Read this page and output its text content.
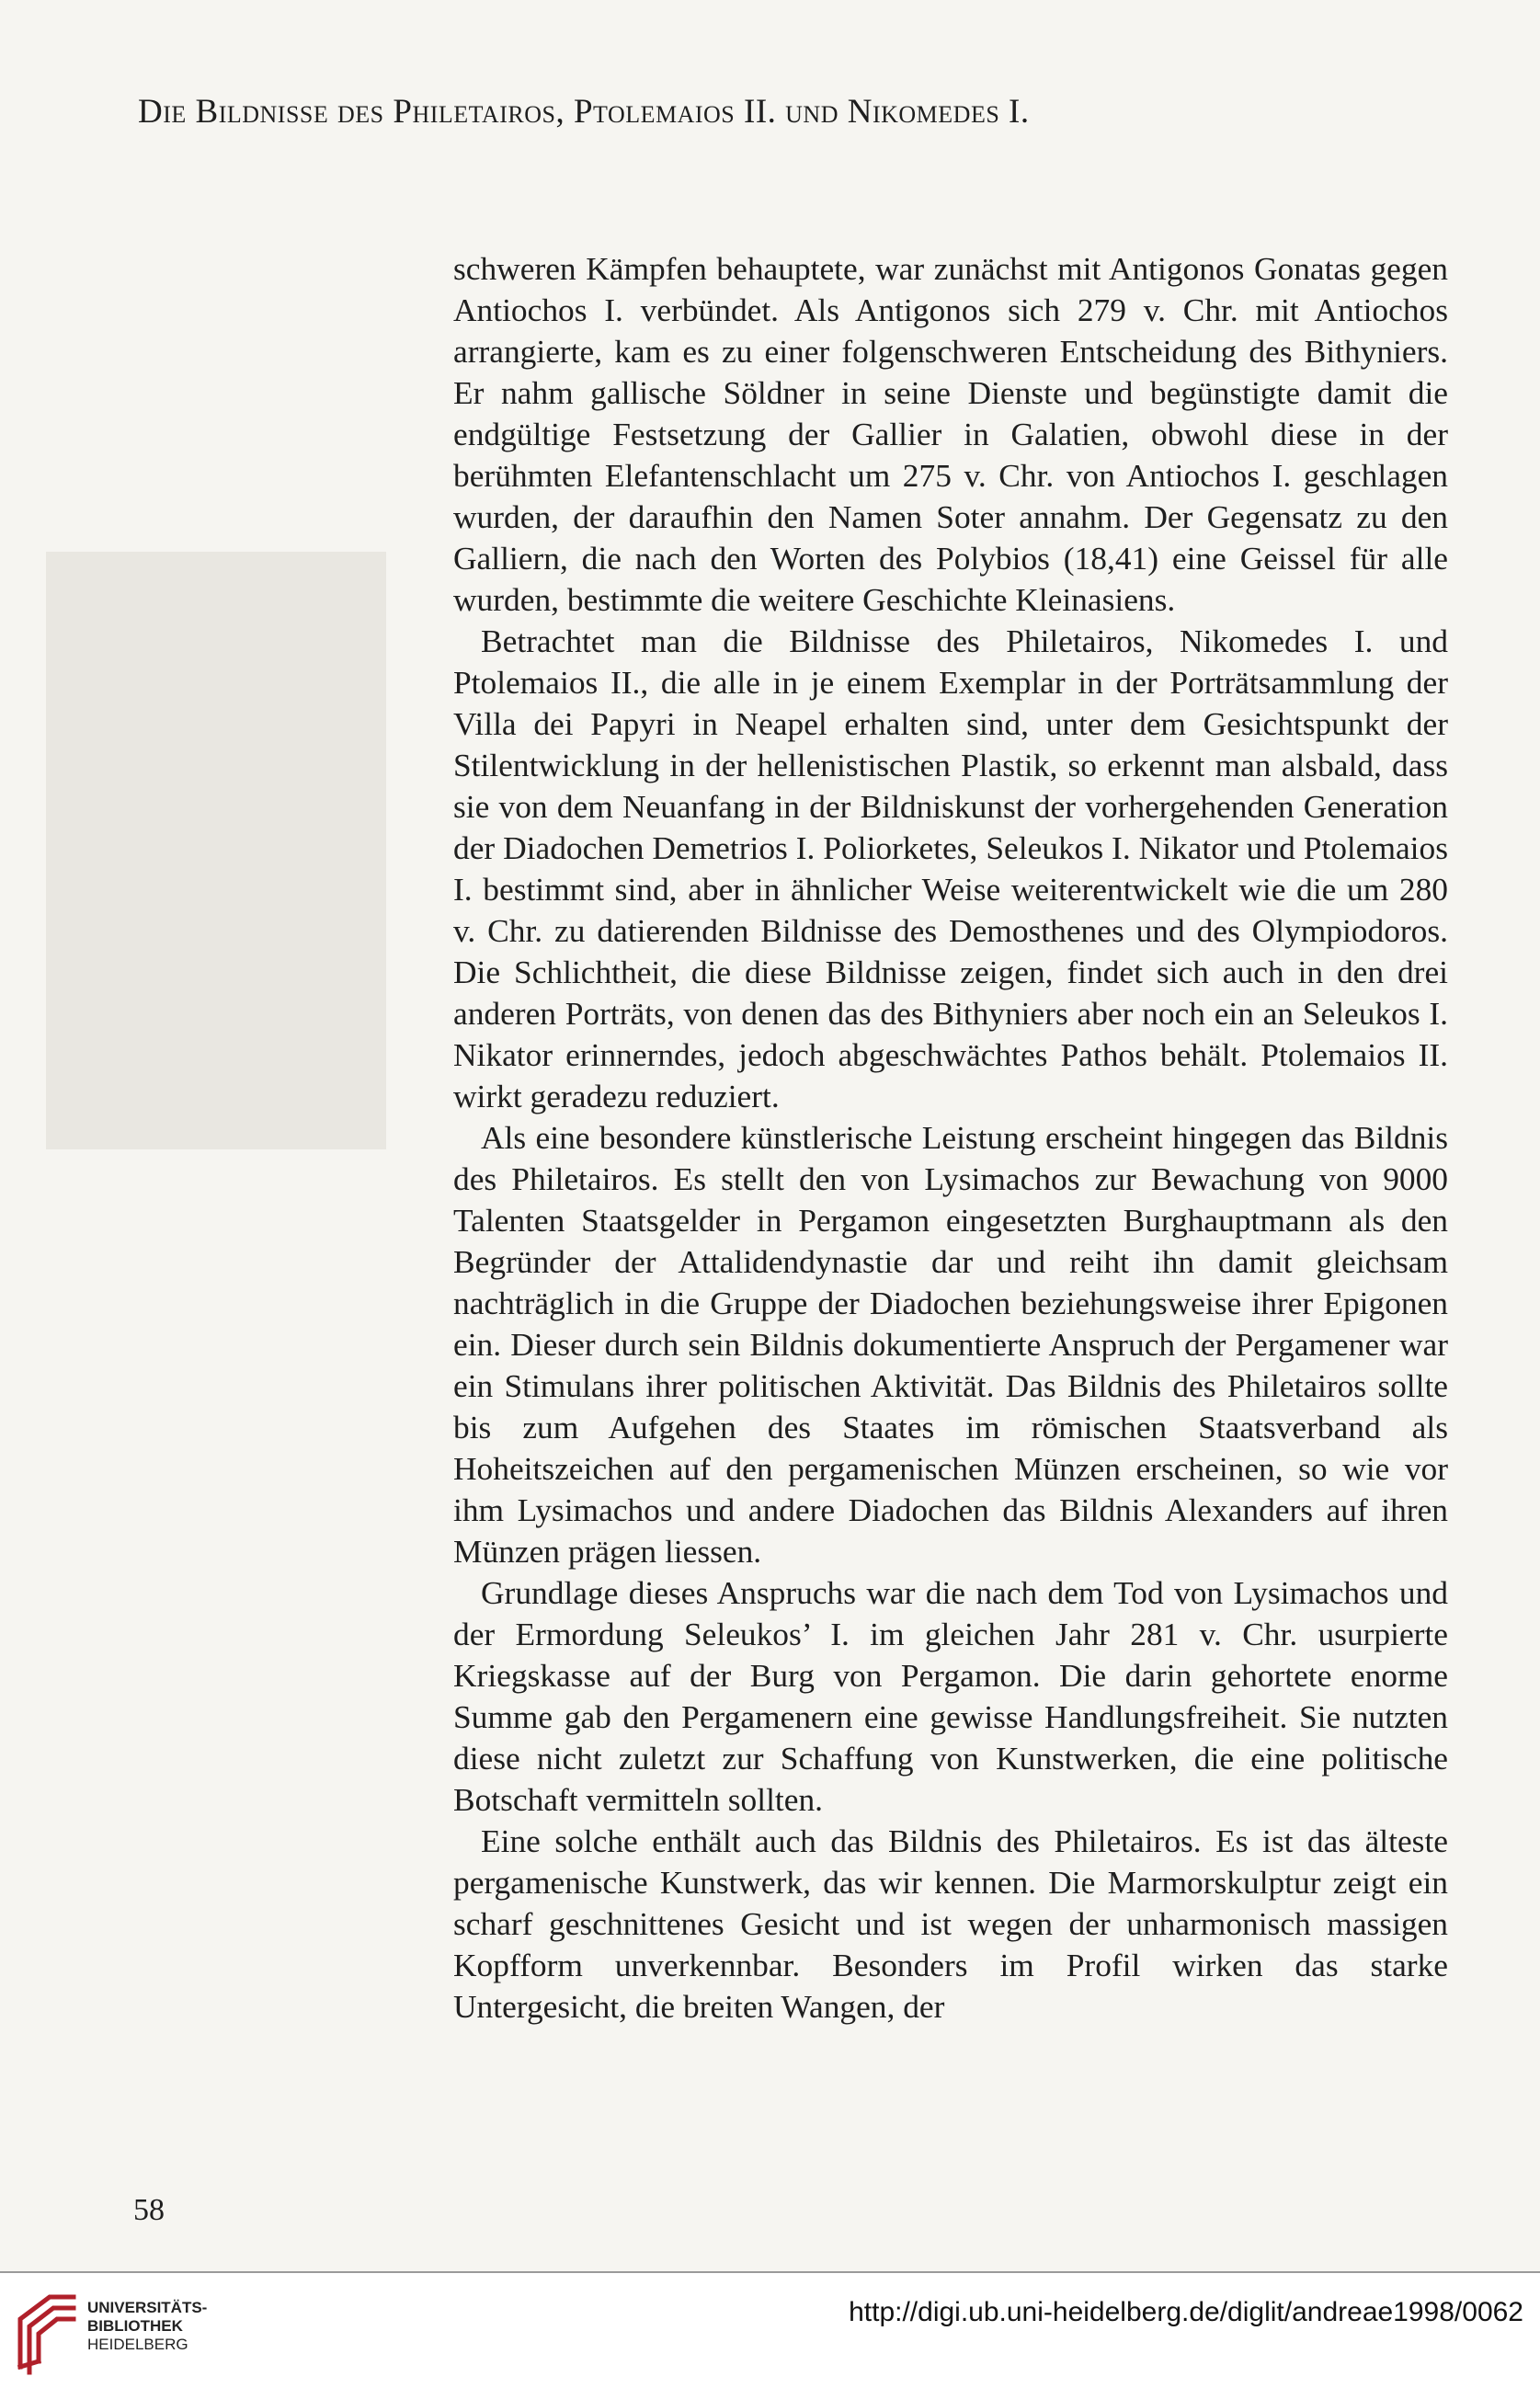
Die Bildnisse des Philetairos, Ptolemaios II. und Nikomedes I.

schweren Kämpfen behauptete, war zunächst mit Antigonos Gonatas gegen Antiochos I. verbündet. Als Antigonos sich 279 v. Chr. mit Antiochos arrangierte, kam es zu einer folgenschweren Entscheidung des Bithyniers. Er nahm gallische Söldner in seine Dienste und begünstigte damit die endgültige Festsetzung der Gallier in Galatien, obwohl diese in der berühmten Elefantenschlacht um 275 v. Chr. von Antiochos I. geschlagen wurden, der daraufhin den Namen Soter annahm. Der Gegensatz zu den Galliern, die nach den Worten des Polybios (18,41) eine Geissel für alle wurden, bestimmte die weitere Geschichte Kleinasiens.

Betrachtet man die Bildnisse des Philetairos, Nikomedes I. und Ptolemaios II., die alle in je einem Exemplar in der Porträtsammlung der Villa dei Papyri in Neapel erhalten sind, unter dem Gesichtspunkt der Stilentwicklung in der hellenistischen Plastik, so erkennt man alsbald, dass sie von dem Neuanfang in der Bildniskunst der vorhergehenden Generation der Diadochen Demetrios I. Poliorketes, Seleukos I. Nikator und Ptolemaios I. bestimmt sind, aber in ähnlicher Weise weiterentwickelt wie die um 280 v. Chr. zu datierenden Bildnisse des Demosthenes und des Olympiodoros. Die Schlichtheit, die diese Bildnisse zeigen, findet sich auch in den drei anderen Porträts, von denen das des Bithyniers aber noch ein an Seleukos I. Nikator erinnerndes, jedoch abgeschwächtes Pathos behält. Ptolemaios II. wirkt geradezu reduziert.

Als eine besondere künstlerische Leistung erscheint hingegen das Bildnis des Philetairos. Es stellt den von Lysimachos zur Bewachung von 9000 Talenten Staatsgelder in Pergamon eingesetzten Burghauptmann als den Begründer der Attalidendynastie dar und reiht ihn damit gleichsam nachträglich in die Gruppe der Diadochen beziehungsweise ihrer Epigonen ein. Dieser durch sein Bildnis dokumentierte Anspruch der Pergamener war ein Stimulans ihrer politischen Aktivität. Das Bildnis des Philetairos sollte bis zum Aufgehen des Staates im römischen Staatsverband als Hoheitszeichen auf den pergamenischen Münzen erscheinen, so wie vor ihm Lysimachos und andere Diadochen das Bildnis Alexanders auf ihren Münzen prägen liessen.

Grundlage dieses Anspruchs war die nach dem Tod von Lysimachos und der Ermordung Seleukos’ I. im gleichen Jahr 281 v. Chr. usurpierte Kriegskasse auf der Burg von Pergamon. Die darin gehortete enorme Summe gab den Pergamenern eine gewisse Handlungsfreiheit. Sie nutzten diese nicht zuletzt zur Schaffung von Kunstwerken, die eine politische Botschaft vermitteln sollten.

Eine solche enthält auch das Bildnis des Philetairos. Es ist das älteste pergamenische Kunstwerk, das wir kennen. Die Marmorskulptur zeigt ein scharf geschnittenes Gesicht und ist wegen der unharmonisch massigen Kopfform unverkennbar. Besonders im Profil wirken das starke Untergesicht, die breiten Wangen, der

58
UNIVERSITÄTS-
BIBLIOTHEK
HEIDELBERG
http://digi.ub.uni-heidelberg.de/diglit/andreae1998/0062
